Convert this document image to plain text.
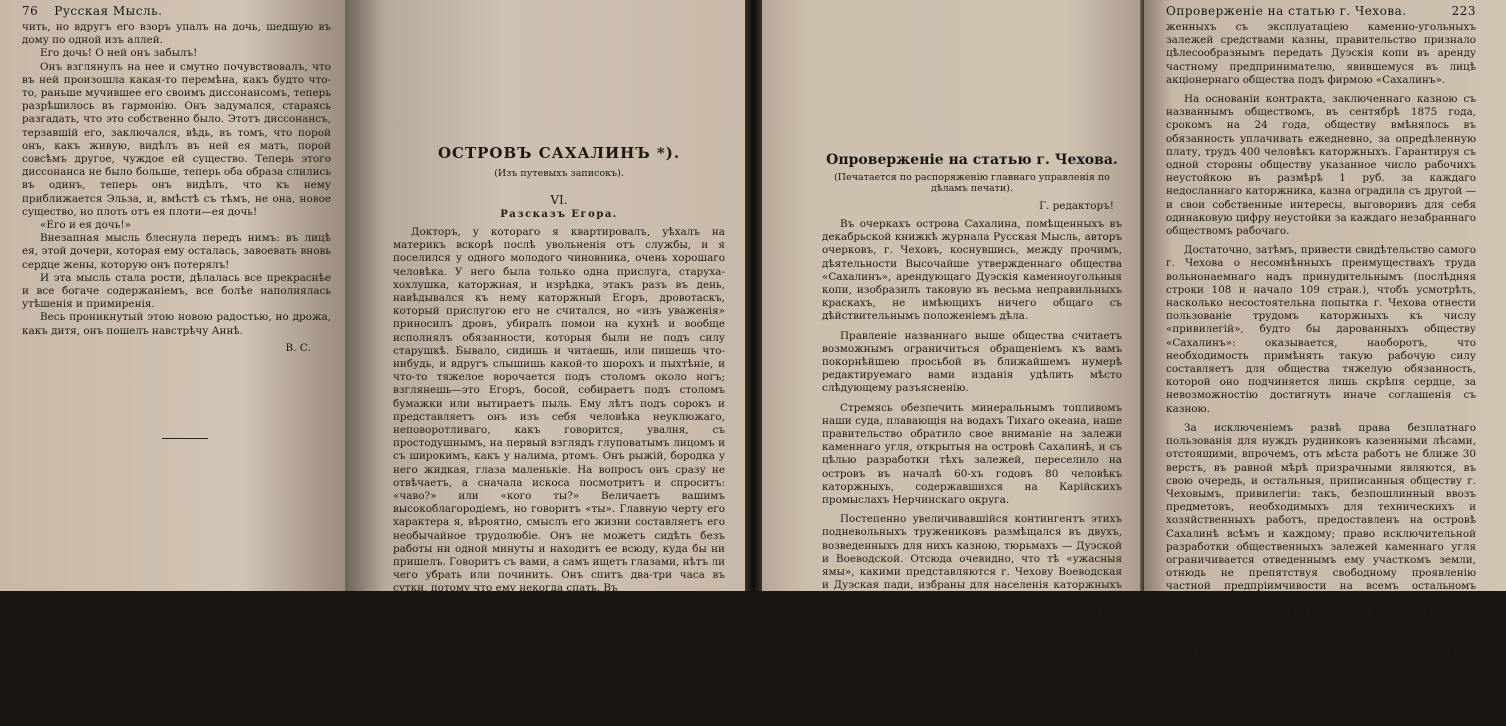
76 Русская Мысль.

чить, но вдругъ его взоръ упалъ на дочь, шедшую въ дому по одной изъ аллей.

Его дочь! О ней онъ забылъ!

Онъ взглянулъ на нее и смутно почувствовалъ, что въ ней произошла какая-то перемѣна, какъ будто что-то, раньше мучившее его своимъ диссонансомъ, теперь разрѣшилось въ гармонію. Онъ задумался, стараясь разгадать, что это собственно было. Этотъ диссонансъ, терзавшій его, заключался, вѣдь, въ томъ, что порой онъ, какъ живую, видѣлъ въ ней ея мать, порой совсѣмъ другое, чуждое ей существо. Теперь этого диссонанса не было больше, теперь оба образа слились въ одинъ, теперь онъ видѣлъ, что къ нему приближается Эльза, и, вмѣстѣ съ тѣмъ, не она, новое существо, но плоть отъ ея плоти—ея дочь!

«Его и ея дочь!»

Внезапная мысль блеснула передъ нимъ: въ лицѣ ея, этой дочери, которая ему осталась, завоевать вновь сердце жены, которую онъ потерялъ!

И эта мысль стала рости, дѣлалась все прекраснѣе и все богаче содержаніемъ, все болѣе наполнялась утѣшенія и примиренія.

Весь проникнутый этою новою радостью, но дрожа, какъ дитя, онъ пошелъ навстрѣчу Аннѣ.

В. С.
ОСТРОВЪ САХАЛИНЪ *).
(Изъ путевыхъ записокъ).
VI.
Разсказъ Егора.

Докторъ, у котораго я квартировалъ, уѣхалъ на материкъ вскорѣ послѣ увольненія отъ службы, и я поселился у одного молодого чиновника, очень хорошаго человѣка. У него была только одна прислуга, старуха-хохлушка, каторжная, и изрѣдка, этакъ разъ въ день, навѣдывался къ нему каторжный Егоръ, дровотаскъ, который прислугою его не считался, но «изъ уваженія» приносилъ дровъ, убиралъ помои на кухнѣ и вообще исполнялъ обязанности, которыя были не подъ силу старушкѣ. Бывало, сидишь и читаешь, или пишешь что-нибудь, и вдругъ слышишь какой-то шорохъ и пыхтѣніе, и что-то тяжелое ворочается подъ столомъ около ногъ; взглянешь—это Егоръ, босой, собираетъ подъ столомъ бумажки или вытираетъ пыль. Ему лѣтъ подъ сорокъ и представляетъ онъ изъ себя человѣка неуклюжаго, неповоротливаго, какъ говорится, увалня, съ простодушнымъ, на первый взглядъ глуповатымъ лицомъ и съ широкимъ, какъ у налима, ртомъ. Онъ рыжій, бородка у него жидкая, глаза маленькіе. На вопросъ онъ сразу не отвѣчаетъ, а сначала искоса посмотритъ и спроситъ: «чаво?» или «кого ты?» Величаетъ вашимъ высокоблагородіемъ, но говоритъ «ты». Главную черту его характера я, вѣроятно, смыслъ его жизни составляетъ его необычайное трудолюбіе. Онъ не можетъ сидѣть безъ работы ни одной минуты и находитъ ее всюду, куда бы ни пришелъ. Говоритъ съ вами, а самъ ищетъ глазами, нѣтъ ли чего убрать или починить. Онъ спитъ два-три часа въ сутки, потому что ему некогда спать. Въ

*) Русская Мысль, кн. XI.
Опроверженіе на статью г. Чехова.
(Печатается по распоряженію главнаго управленія по дѣламъ печати).
Г. редакторъ!

Въ очеркахъ острова Сахалина, помѣщенныхъ въ декабрьской книжкѣ журнала Русская Мысль, авторъ очерковъ, г. Чеховъ, коснувшись, между прочимъ, дѣятельности Высочайше утвержденнаго общества «Сахалинъ», арендующаго Дуэскія каменноугольныя копи, изобразилъ таковую въ весьма неправильныхъ краскахъ, не имѣющихъ ничего общаго съ дѣйствительнымъ положеніемъ дѣла.

Правленіе названнаго выше общества считаетъ возможнымъ ограничиться обращеніемъ къ вамъ покорнѣйшею просьбой въ ближайшемъ нумерѣ редактируемаго вами изданія удѣлить мѣсто слѣдующему разъясненію.

Стремясь обезпечить минеральнымъ топливомъ наши суда, плавающія на водахъ Тихаго океана, наше правительство обратило свое вниманіе на залежи каменнаго угля, открытыя на островѣ Сахалинѣ, и съ цѣлью разработки тѣхъ залежей, переселило на островъ въ началѣ 60-хъ годовъ 80 человѣкъ каторжныхъ, содержавшихся на Карійскихъ промыслахъ Нерчинскаго округа.

Постепенно увеличивавшійся контингентъ этихъ подневольныхъ тружениковъ размѣщался въ двухъ, возведенныхъ для нихъ казною, тюрьмахъ — Дуэской и Воеводской. Отсюда очевидно, что тѣ «ужасныя ямы», какими представляются г. Чехову Воеводская и Дуэская пади, избраны для населенія каторжныхъ не по желанію и указанію агентовъ частнаго общества «Сахалинъ», а по усмотрѣнію правительственныхъ властей, притомъ задолго до образованія общества «Сахалинъ».

Съ теченіемъ времени, убѣдившись въ неудобствахъ, сопря-

Опроверженіе на статью г. Чехова.	223

женныхъ съ эксплуатаціею каменно-угольныхъ залежей средствами казны, правительство признало цѣлесообразнымъ передать Дуэскія копи въ аренду частному предпринимателю, явившемуся въ лицѣ акціонернаго общества подъ фирмою «Сахалинъ».

На основаніи контракта, заключеннаго казною съ названнымъ обществомъ, въ сентябрѣ 1875 года, срокомъ на 24 года, обществу вмѣнялось въ обязанность уплачивать ежедневно, за опредѣленную плату, трудъ 400 человѣкъ каторжныхъ. Гарантируя съ одной стороны обществу указанное число рабочихъ неустойкою въ размѣрѣ 1 руб. за каждаго недосланнаго каторжника, казна оградила съ другой — и свои собственные интересы, выговоривъ для себя одинаковую цифру неустойки за каждаго незабраннаго обществомъ рабочаго.

Достаточно, затѣмъ, привести свидѣтельство самого г. Чехова о несомнѣнныхъ преимуществахъ труда вольнонаемнаго надъ принудительнымъ (послѣдняя строки 108 и начало 109 стран.), чтобъ усмотрѣть, насколько несостоятельна попытка г. Чехова отнести пользованіе трудомъ каторжныхъ къ числу «привилегій», будто бы дарованныхъ обществу «Сахалинъ»: оказывается, наоборотъ, что необходимость примѣнять такую рабочую силу составляетъ для общества тяжелую обязанность, которой оно подчиняется лишь скрѣпя сердце, за невозможностію достигнуть иначе соглашенія съ казною.

За исключеніемъ развѣ права безплатнаго пользованія для нуждъ рудниковъ казенными лѣсами, отстоящими, впрочемъ, отъ мѣста работъ не ближе 30 верстъ, въ равной мѣрѣ призрачными являются, въ свою очередь, и остальныя, приписанныя обществу г. Чеховымъ, привилегіи: такъ, безпошлинный ввозъ предметовъ, необходимыхъ для техническихъ и хозяйственныхъ работъ, предоставленъ на островѣ Сахалинѣ всѣмъ и каждому; право исключительной разработки общественныхъ залежей каменнаго угля ограничивается отведеннымъ ему участкомъ земли, отнюдь не препятствуя свободному проявленію частной предпріимчивости на всемъ остальномъ пространствѣ острова; мало того, сама казна выступаетъ, въ извѣстной мѣрѣ, конкуррентомъ общества, вырабатывая уголь въ сосѣдствѣ съ арендуемымъ обществомъ участкомъ; наконецъ, морское вѣдомство никогда не было обязано пріобрѣтать для своихъ судовъ уголь, заготовляемый въ рудникахъ общества, каковою свободой наша тихоокеанская эскадра и воспользовалась, напримѣръ, въ 1889 г., не купивъ изъ складовъ общества ни одной тонны угля.
